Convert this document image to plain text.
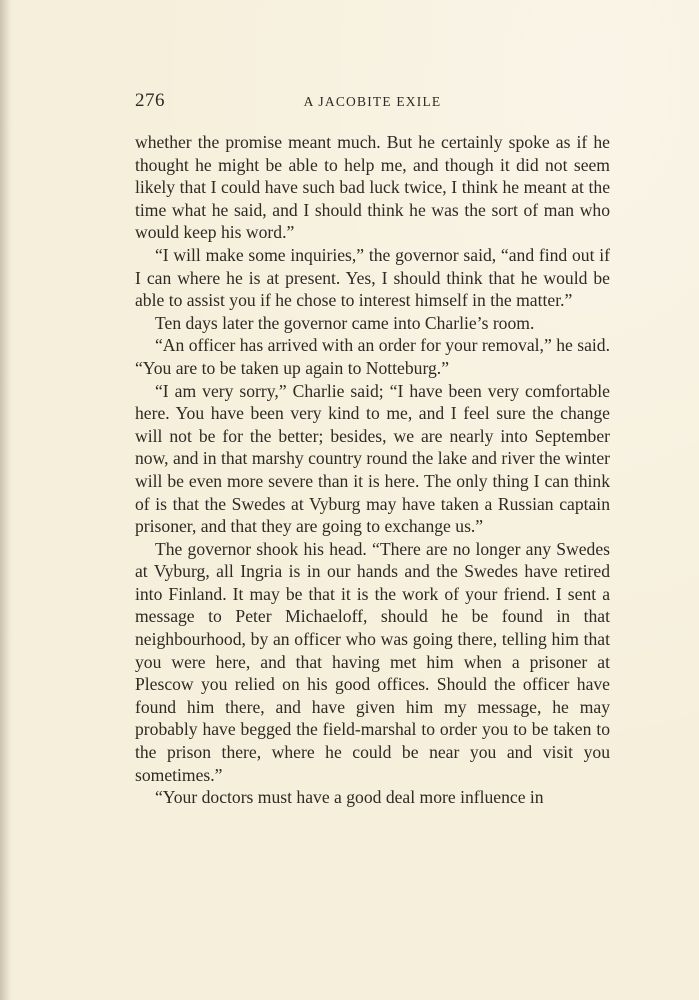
276	A JACOBITE EXILE

whether the promise meant much. But he certainly spoke as if he thought he might be able to help me, and though it did not seem likely that I could have such bad luck twice, I think he meant at the time what he said, and I should think he was the sort of man who would keep his word.”

“I will make some inquiries,” the governor said, “and find out if I can where he is at present. Yes, I should think that he would be able to assist you if he chose to interest himself in the matter.”

Ten days later the governor came into Charlie’s room.

“An officer has arrived with an order for your removal,” he said. “You are to be taken up again to Notteburg.”

“I am very sorry,” Charlie said; “I have been very comfortable here. You have been very kind to me, and I feel sure the change will not be for the better; besides, we are nearly into September now, and in that marshy country round the lake and river the winter will be even more severe than it is here. The only thing I can think of is that the Swedes at Vyburg may have taken a Russian captain prisoner, and that they are going to exchange us.”

The governor shook his head. “There are no longer any Swedes at Vyburg, all Ingria is in our hands and the Swedes have retired into Finland. It may be that it is the work of your friend. I sent a message to Peter Michaeloff, should he be found in that neighbourhood, by an officer who was going there, telling him that you were here, and that having met him when a prisoner at Plescow you relied on his good offices. Should the officer have found him there, and have given him my message, he may probably have begged the field-marshal to order you to be taken to the prison there, where he could be near you and visit you sometimes.”

“Your doctors must have a good deal more influence in
